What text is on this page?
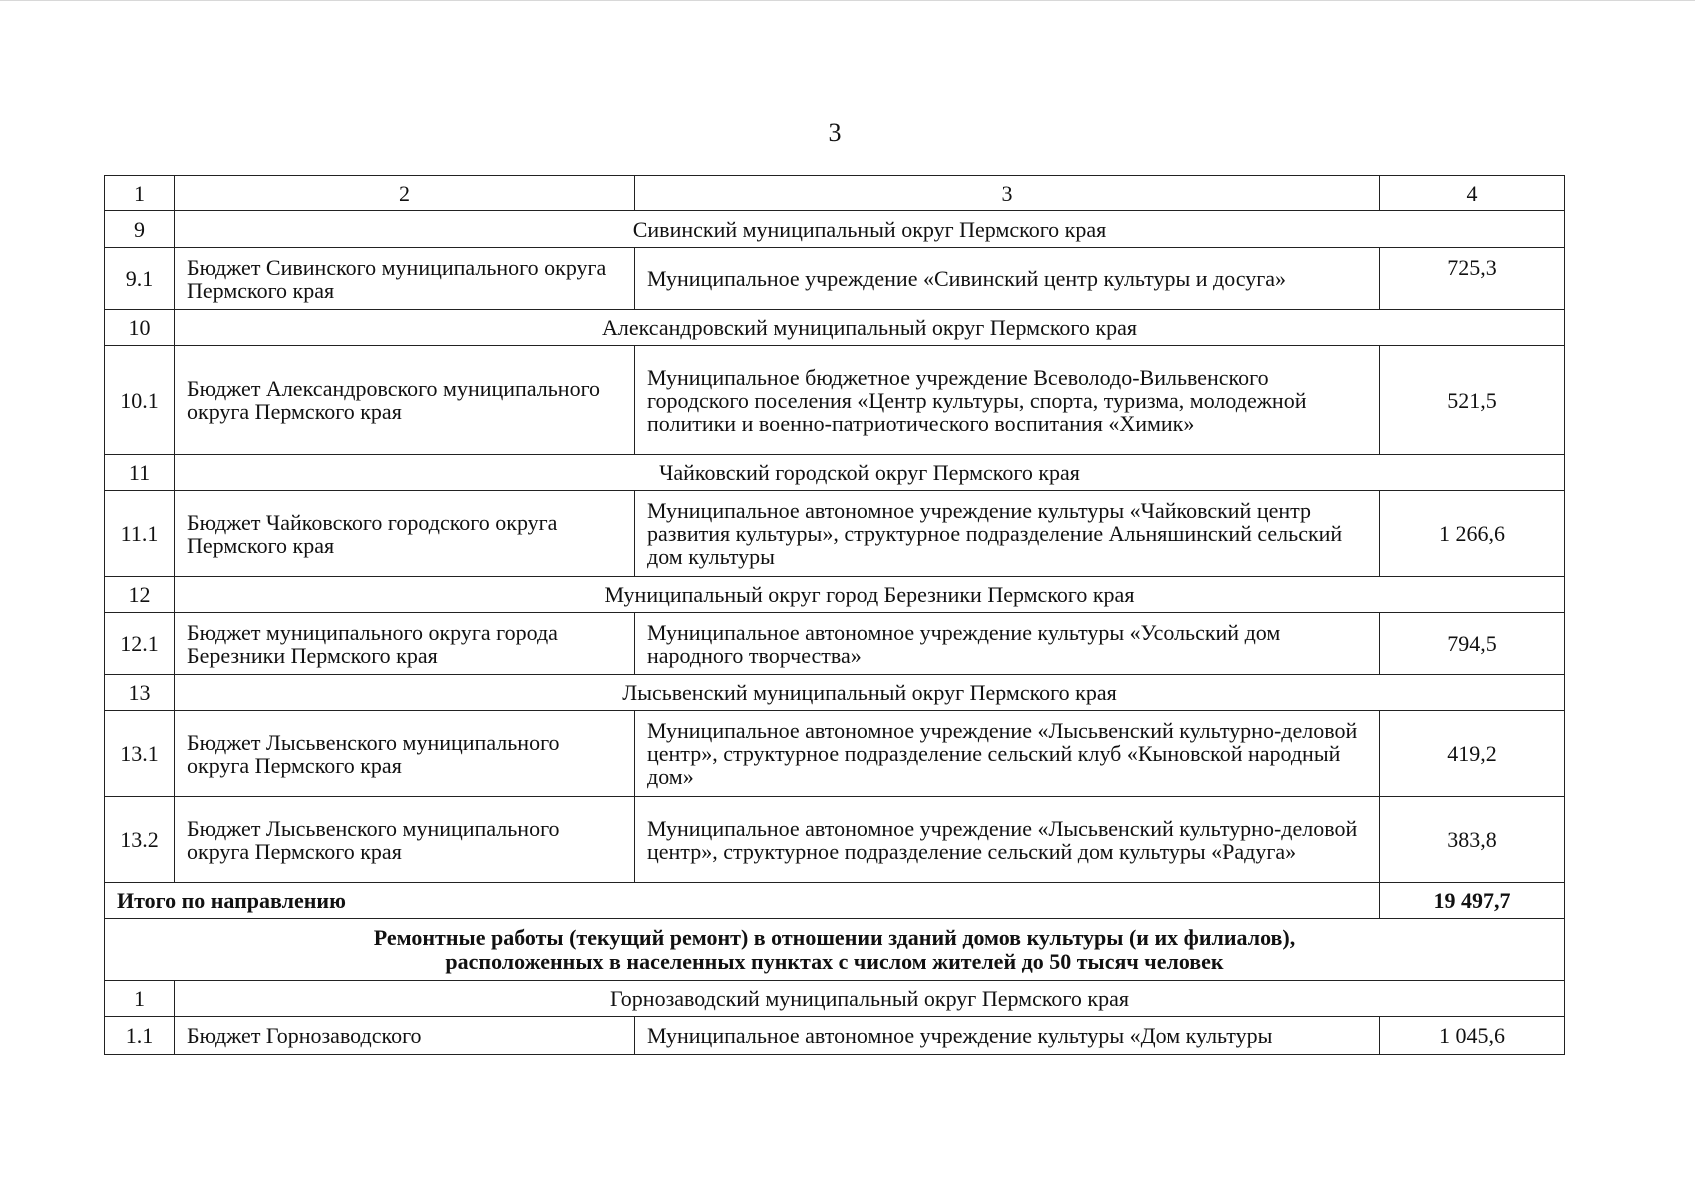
3
1	2	3	4
9	Сивинский муниципальный округ Пермского края		
9.1	Бюджет Сивинского муниципального округа Пермского края	Муниципальное учреждение «Сивинский центр культуры и досуга»	725,3
10	Александровский муниципальный округ Пермского края		
10.1	Бюджет Александровского муниципального округа Пермского края	Муниципальное бюджетное учреждение Всеволодо-Вильвенского городского поселения «Центр культуры, спорта, туризма, молодежной политики и военно-патриотического воспитания «Химик»	521,5
11	Чайковский городской округ Пермского края		
11.1	Бюджет Чайковского городского округа Пермского края	Муниципальное автономное учреждение культуры «Чайковский центр развития культуры», структурное подразделение Альняшинский сельский дом культуры	1 266,6
12	Муниципальный округ город Березники Пермского края		
12.1	Бюджет муниципального округа города Березники Пермского края	Муниципальное автономное учреждение культуры «Усольский дом народного творчества»	794,5
13	Лысьвенский муниципальный округ Пермского края		
13.1	Бюджет Лысьвенского муниципального округа Пермского края	Муниципальное автономное учреждение «Лысьвенский культурно-деловой центр», структурное подразделение сельский клуб «Кыновской народный дом»	419,2
13.2	Бюджет Лысьвенского муниципального округа Пермского края	Муниципальное автономное учреждение «Лысьвенский культурно-деловой центр», структурное подразделение сельский дом культуры «Радуга»	383,8
Итого по направлению			19 497,7

Ремонтные работы (текущий ремонт) в отношении зданий домов культуры (и их филиалов),
расположенных в населенных пунктах с числом жителей до 50 тысяч человек			

1	Горнозаводский муниципальный округ Пермского края		
1.1	Бюджет Горнозаводского	Муниципальное автономное учреждение культуры «Дом культуры	1 045,6
